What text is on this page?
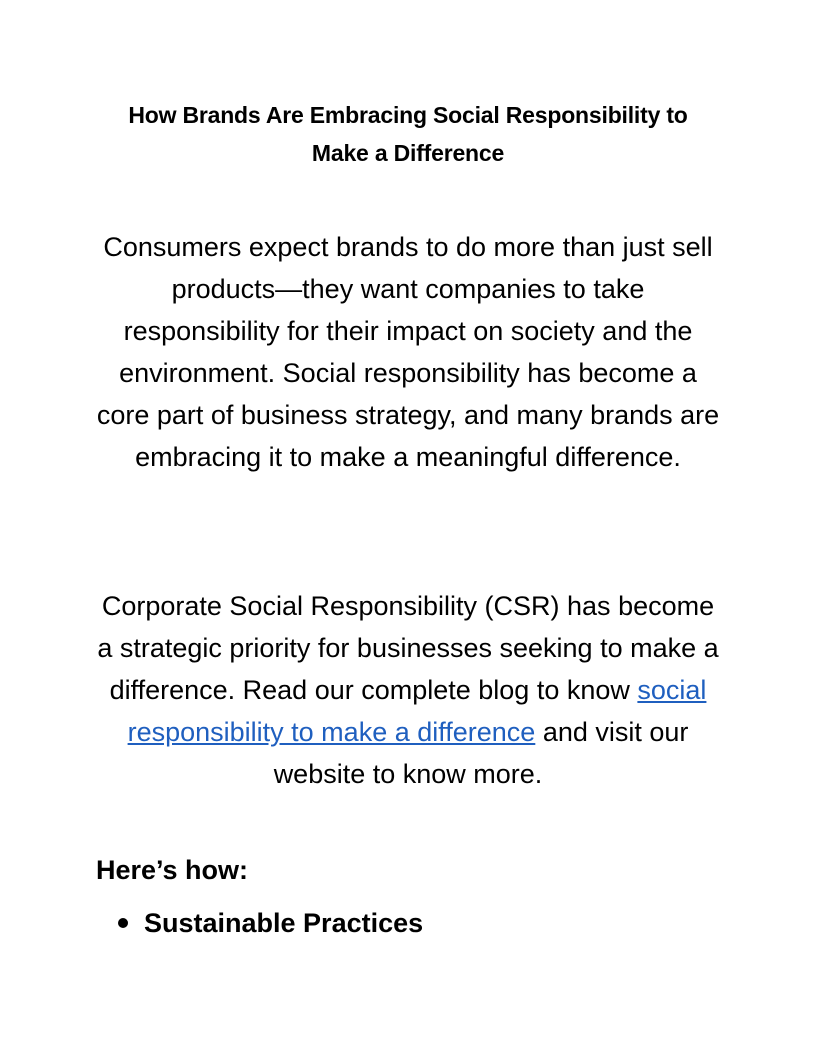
How Brands Are Embracing Social Responsibility to
Make a Difference

Consumers expect brands to do more than just sell products—they want companies to take responsibility for their impact on society and the environment. Social responsibility has become a core part of business strategy, and many brands are embracing it to make a meaningful difference.

Corporate Social Responsibility (CSR) has become a strategic priority for businesses seeking to make a difference. Read our complete blog to know social responsibility to make a difference and visit our website to know more.

Here’s how:
Sustainable Practices
